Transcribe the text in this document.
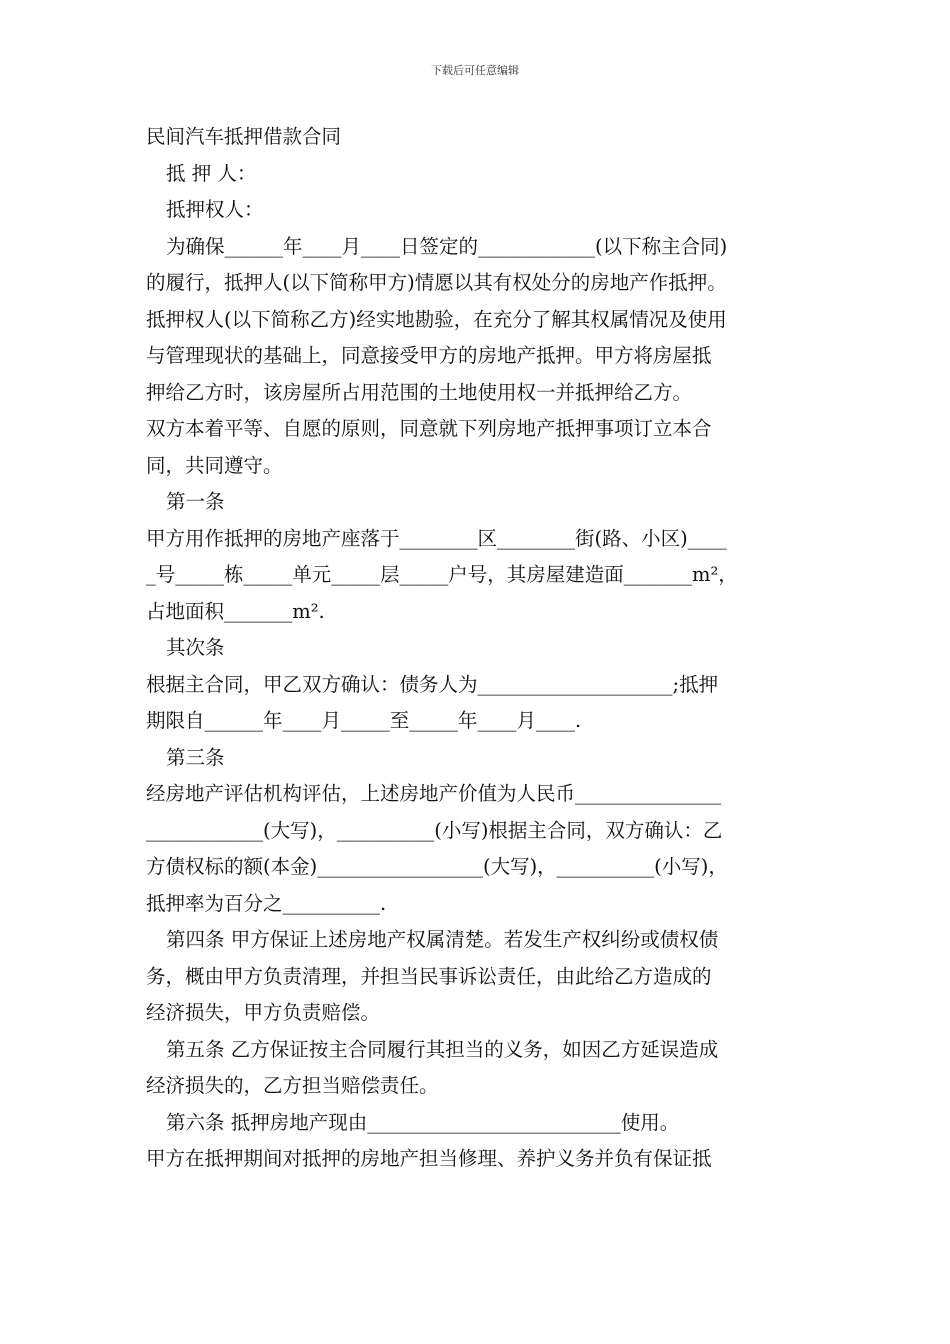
下载后可任意编辑
民间汽车抵押借款合同
抵 押 人：
抵押权人：
为确保______年____月____日签定的____________(以下称主合同)
的履行，抵押人(以下简称甲方)情愿以其有权处分的房地产作抵押。
抵押权人(以下简称乙方)经实地勘验，在充分了解其权属情况及使用
与管理现状的基础上，同意接受甲方的房地产抵押。甲方将房屋抵
押给乙方时，该房屋所占用范围的土地使用权一并抵押给乙方。
双方本着平等、自愿的原则，同意就下列房地产抵押事项订立本合
同，共同遵守。
第一条
甲方用作抵押的房地产座落于________区________街(路、小区)____
_号_____栋_____单元_____层_____户号，其房屋建造面_______m²，
占地面积_______m².
其次条
根据主合同，甲乙双方确认：债务人为____________________;抵押
期限自______年____月_____至_____年____月____.
第三条
经房地产评估机构评估，上述房地产价值为人民币_______________
____________(大写)，__________(小写)根据主合同，双方确认：乙
方债权标的额(本金)_________________(大写)，__________(小写)，
抵押率为百分之__________.
第四条 甲方保证上述房地产权属清楚。若发生产权纠纷或债权债
务，概由甲方负责清理，并担当民事诉讼责任，由此给乙方造成的
经济损失，甲方负责赔偿。
第五条 乙方保证按主合同履行其担当的义务，如因乙方延误造成
经济损失的，乙方担当赔偿责任。
第六条 抵押房地产现由__________________________使用。
甲方在抵押期间对抵押的房地产担当修理、养护义务并负有保证抵
